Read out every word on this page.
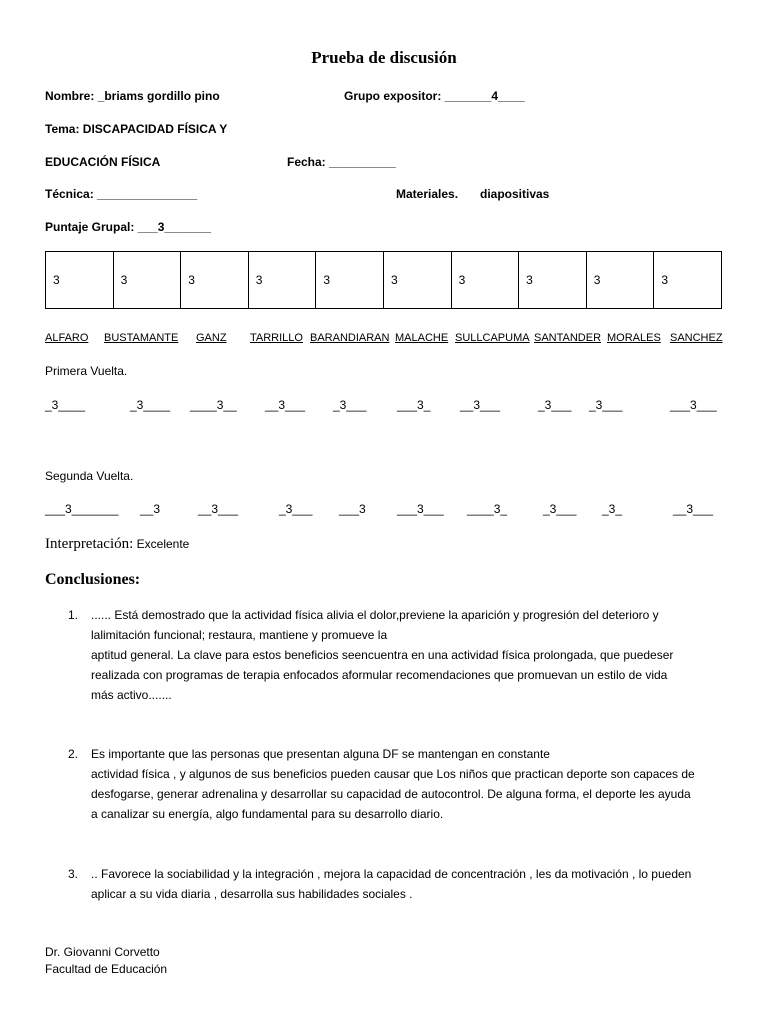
Prueba de discusión
Nombre: _briams gordillo pino	Grupo expositor: _______4____
Tema: DISCAPACIDAD FÍSICA Y
EDUCACIÓN FÍSICA	Fecha: __________
Técnica: _______________	Materiales. diapositivas
Puntaje Grupal: ___3_______
3	3	3	3	3	3	3	3	3	3
ALFARO BUSTAMANTE GANZ TARRILLO BARANDIARAN MALACHE SULLCAPUMA SANTANDER MORALES SANCHEZ
Primera Vuelta.
_3____	_3____ ____3__ __3___ _3___	___3_ __3___	_3___ _3___	___3___
Segunda Vuelta.
___3_______ __3	__3___	_3___ ___3	___3___ ____3_	_3___ _3_	__3___
Interpretación: Excelente
Conclusiones:
1. ...... Está demostrado que la actividad física alivia el dolor,previene la aparición y progresión del deterioro y
lalimitación funcional; restaura, mantiene y promueve la
aptitud general. La clave para estos beneficios seencuentra en una actividad física prolongada, que puedeser
realizada con programas de terapia enfocados aformular recomendaciones que promuevan un estilo de vida
más activo.......
2. Es importante que las personas que presentan alguna DF se mantengan en constante
actividad física , y algunos de sus beneficios pueden causar que Los niños que practican deporte son capaces de
desfogarse, generar adrenalina y desarrollar su capacidad de autocontrol. De alguna forma, el deporte les ayuda
a canalizar su energía, algo fundamental para su desarrollo diario.
3. .. Favorece la sociabilidad y la integración , mejora la capacidad de concentración , les da motivación , lo pueden
aplicar a su vida diaria , desarrolla sus habilidades sociales .
Dr. Giovanni Corvetto
Facultad de Educación
